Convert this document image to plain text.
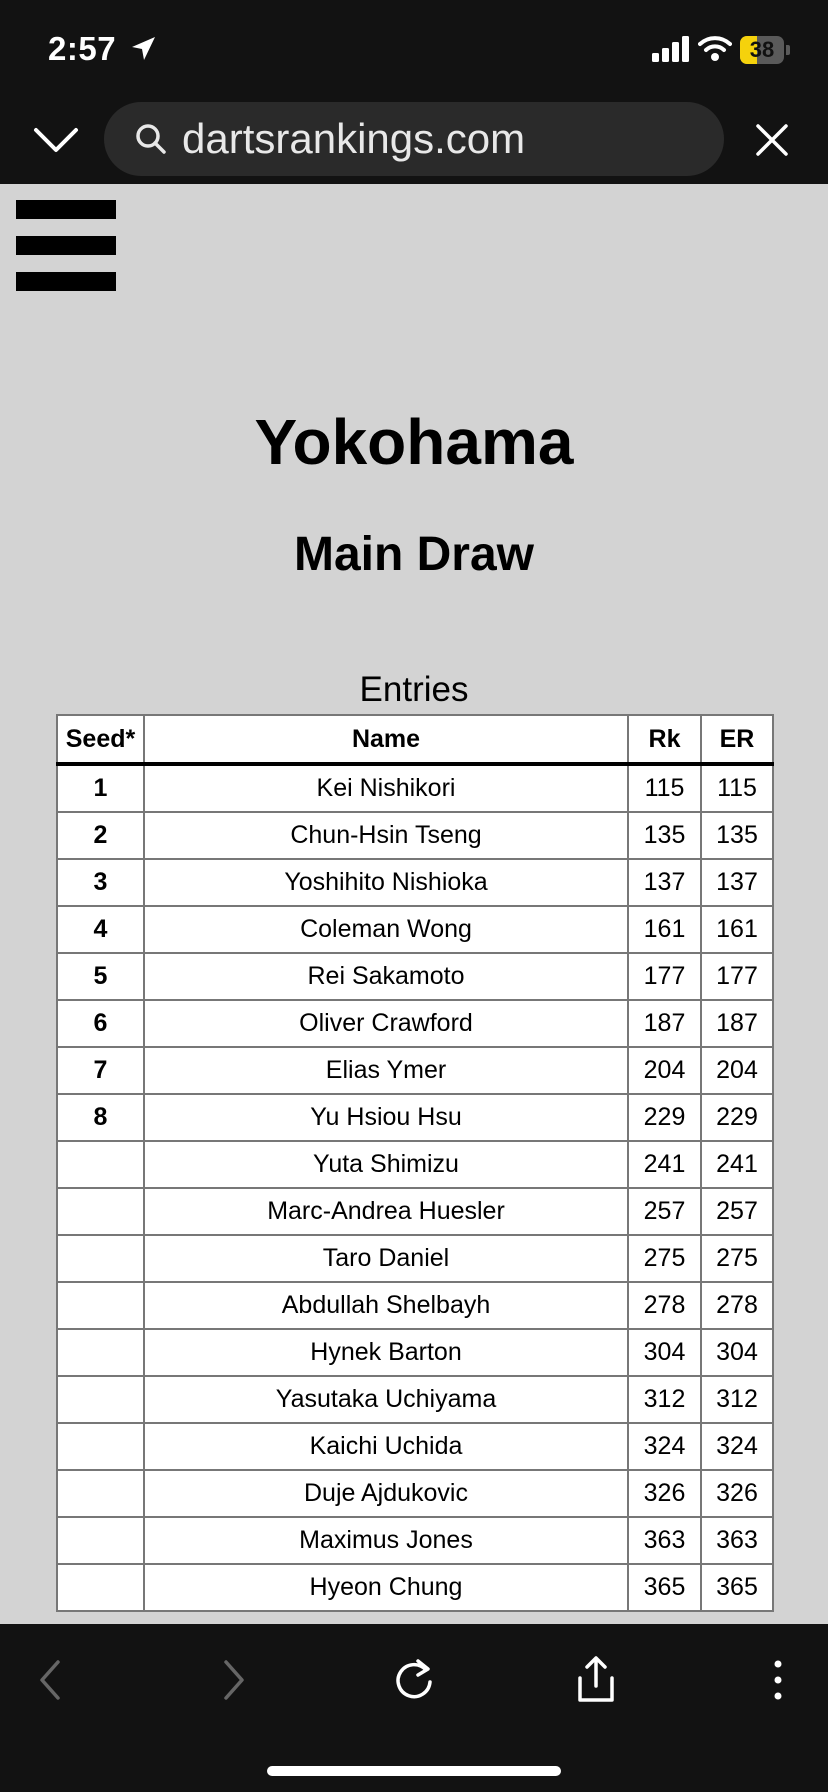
2:57	38
dartsrankings.com
Yokohama
Main Draw
Entries
Seed*	Name	Rk	ER
1	Kei Nishikori	115	115
2	Chun-Hsin Tseng	135	135
3	Yoshihito Nishioka	137	137
4	Coleman Wong	161	161
5	Rei Sakamoto	177	177
6	Oliver Crawford	187	187
7	Elias Ymer	204	204
8	Yu Hsiou Hsu	229	229
	Yuta Shimizu	241	241
	Marc-Andrea Huesler	257	257
	Taro Daniel	275	275
	Abdullah Shelbayh	278	278
	Hynek Barton	304	304
	Yasutaka Uchiyama	312	312
	Kaichi Uchida	324	324
	Duje Ajdukovic	326	326
	Maximus Jones	363	363
	Hyeon Chung	365	365
